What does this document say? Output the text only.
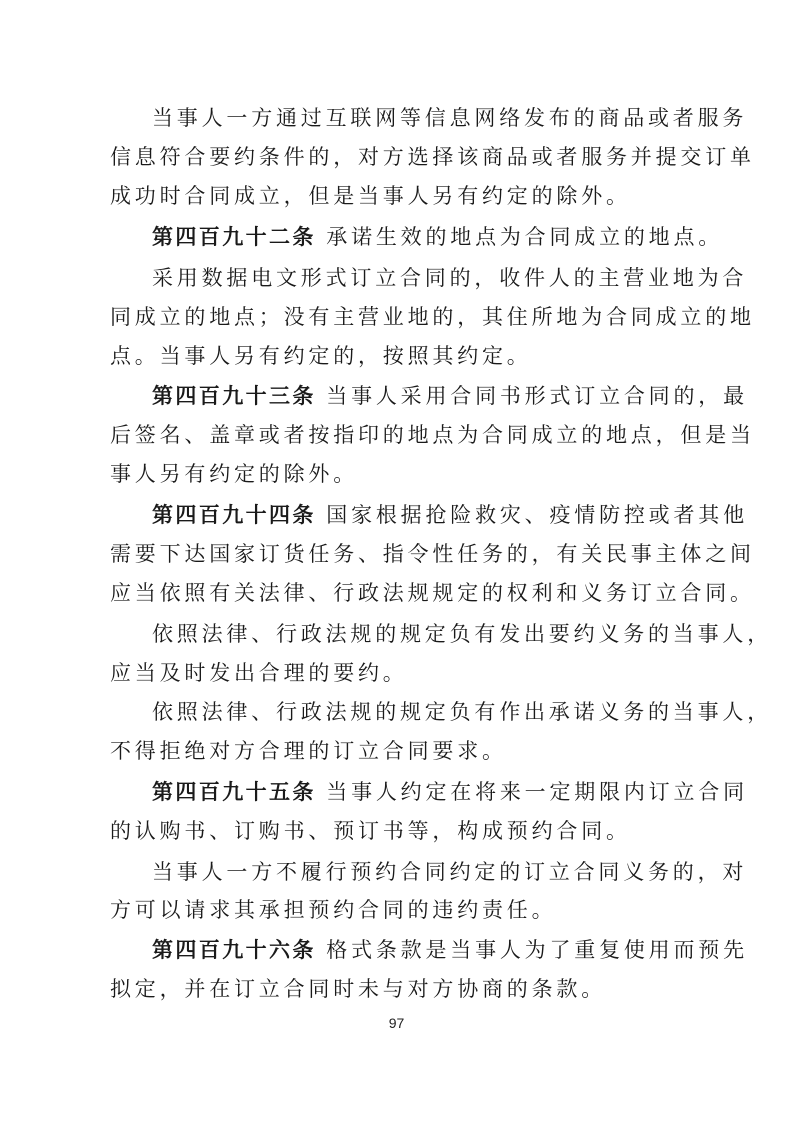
当事人一方通过互联网等信息网络发布的商品或者服务
信息符合要约条件的，对方选择该商品或者服务并提交订单
成功时合同成立，但是当事人另有约定的除外。
第四百九十二条 承诺生效的地点为合同成立的地点。
采用数据电文形式订立合同的，收件人的主营业地为合
同成立的地点；没有主营业地的，其住所地为合同成立的地
点。当事人另有约定的，按照其约定。
第四百九十三条 当事人采用合同书形式订立合同的，最
后签名、盖章或者按指印的地点为合同成立的地点，但是当
事人另有约定的除外。
第四百九十四条 国家根据抢险救灾、疫情防控或者其他
需要下达国家订货任务、指令性任务的，有关民事主体之间
应当依照有关法律、行政法规规定的权利和义务订立合同。
依照法律、行政法规的规定负有发出要约义务的当事人，
应当及时发出合理的要约。
依照法律、行政法规的规定负有作出承诺义务的当事人，
不得拒绝对方合理的订立合同要求。
第四百九十五条 当事人约定在将来一定期限内订立合同
的认购书、订购书、预订书等，构成预约合同。
当事人一方不履行预约合同约定的订立合同义务的，对
方可以请求其承担预约合同的违约责任。
第四百九十六条 格式条款是当事人为了重复使用而预先
拟定，并在订立合同时未与对方协商的条款。
97
